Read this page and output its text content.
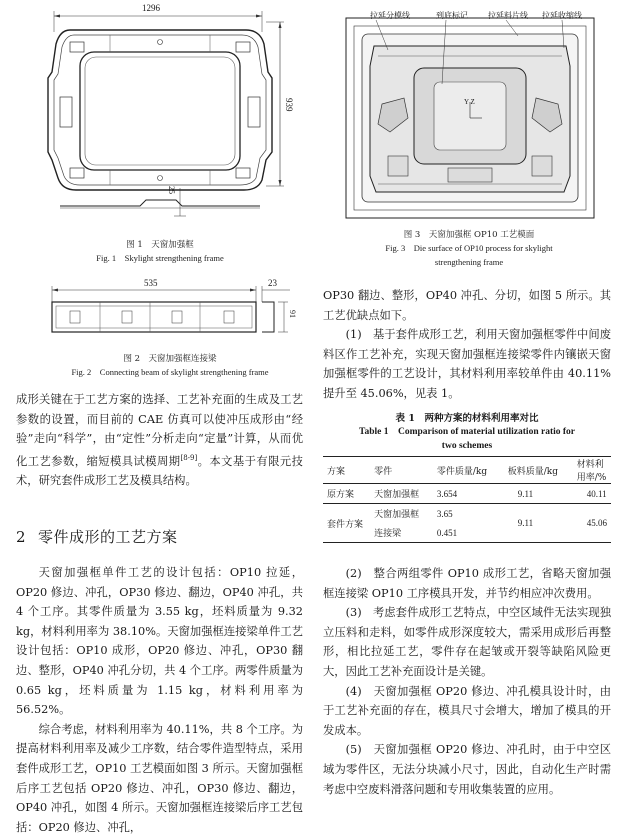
1296
939
25
图 1　天窗加强框
Fig. 1　Skylight strengthening frame
535	23
91
图 2　天窗加强框连接梁
Fig. 2　Connecting beam of skylight strengthening frame
拉延分模线	到底标记	拉延料片线 拉延收缩线
Y Z
图 3　天窗加强框 OP10 工艺模面
Fig. 3　Die surface of OP10 process for skylight
strengthening frame

成形关键在于工艺方案的选择、工艺补充面的生成及工艺参数的设置，而目前的 CAE 仿真可以使冲压成形由“经验”走向“科学”，由“定性”分析走向“定量”计算，从而优化工艺参数，缩短模具试模周期[8-9]。本文基于有限元技术，研究套件成形工艺及模具结构。

2 零件成形的工艺方案

天窗加强框单件工艺的设计包括：OP10 拉延，OP20 修边、冲孔，OP30 修边、翻边，OP40 冲孔，共 4 个工序。其零件质量为 3.55 kg，坯料质量为 9.32 kg，材料利用率为 38.10%。天窗加强框连接梁单件工艺设计包括：OP10 成形，OP20 修边、冲孔，OP30 翻边、整形，OP40 冲孔分切，共 4 个工序。两零件质量为 0.65 kg，坯料质量为 1.15 kg，材料利用率为 56.52%。

综合考虑，材料利用率为 40.11%，共 8 个工序。为提高材料利用率及减少工序数，结合零件造型特点，采用套件成形工艺，OP10 工艺模面如图 3 所示。天窗加强框后序工艺包括 OP20 修边、冲孔，OP30 修边、翻边，OP40 冲孔，如图 4 所示。天窗加强框连接梁后序工艺包括：OP20 修边、冲孔，

OP30 翻边、整形，OP40 冲孔、分切，如图 5 所示。其工艺优缺点如下。

(1)　基于套件成形工艺，利用天窗加强框零件中间废料区作工艺补充，实现天窗加强框连接梁零件内镶嵌天窗加强框零件的工艺设计，其材料利用率较单件由 40.11% 提升至 45.06%，见表 1。

表 1　两种方案的材料利用率对比
Table 1　Comparison of material utilization ratio for
two schemes
方案	零件	零件质量/kg	板料质量/kg	材料利用率/%
原方案	天窗加强框	3.654	9.11	40.11
套件方案	天窗加强框	3.65	9.11	45.06
	连接梁	0.451		

(2)　整合两组零件 OP10 成形工艺，省略天窗加强框连接梁 OP10 工序模具开发，并节约相应冲次费用。

(3)　考虑套件成形工艺特点，中空区域件无法实现独立压料和走料，如零件成形深度较大，需采用成形后再整形，相比拉延工艺，零件存在起皱或开裂等缺陷风险更大，因此工艺补充面设计是关键。

(4)　天窗加强框 OP20 修边、冲孔模具设计时，由于工艺补充面的存在，模具尺寸会增大，增加了模具的开发成本。

(5)　天窗加强框 OP20 修边、冲孔时，由于中空区域为零件区，无法分块减小尺寸，因此，自动化生产时需考虑中空废料滑落问题和专用收集装置的应用。
